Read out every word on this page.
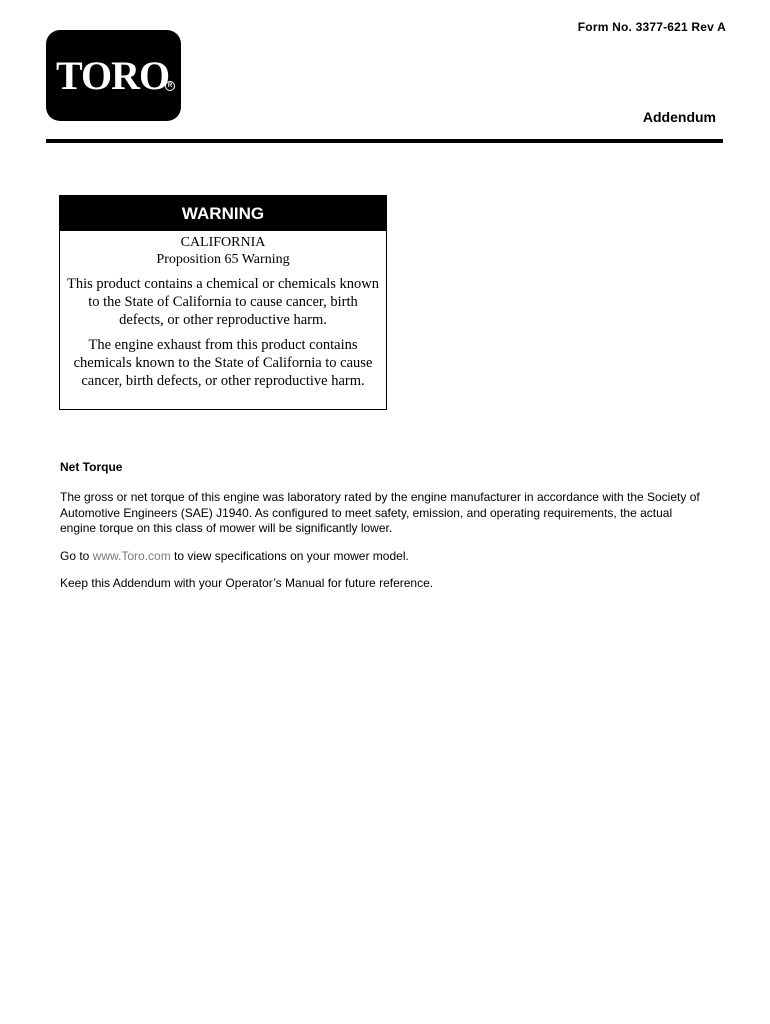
Form No. 3377-621 Rev A
TORO
R
Addendum
WARNING
CALIFORNIA
Proposition 65 Warning
This product contains a chemical or chemicals known to the State of California to cause cancer, birth defects, or other reproductive harm.
The engine exhaust from this product contains chemicals known to the State of California to cause cancer, birth defects, or other reproductive harm.
Net Torque
The gross or net torque of this engine was laboratory rated by the engine manufacturer in accordance with the Society of Automotive Engineers (SAE) J1940. As configured to meet safety, emission, and operating requirements, the actual engine torque on this class of mower will be significantly lower.
Go to www.Toro.com to view specifications on your mower model.
Keep this Addendum with your Operator’s Manual for future reference.
